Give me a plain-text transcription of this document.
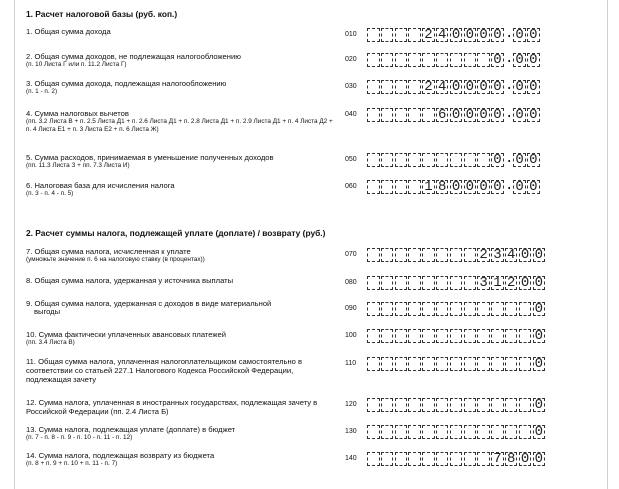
1. Расчет налоговой базы (руб. коп.)
2. Расчет суммы налога, подлежащей уплате (доплате) / возврату (руб.)
1. Общая сумма дохода	010	2 4 0 0 0 0 . 0 0
2. Общая сумма доходов, не подлежащая налогообложению
(п. 10 Листа Г или п. 11.2 Листа Г)
020	0 . 0 0
3. Общая сумма дохода, подлежащая налогообложению
(п. 1 - п. 2)
030	2 4 0 0 0 0 . 0 0
4. Сумма налоговых вычетов
(пп. 3.2 Листа В + п. 2.5 Листа Д1 + п. 2.6 Листа Д1 + п. 2.8 Листа Д1 + п. 2.9 Листа Д1 + п. 4 Листа Д2 + п. 4 Листа Е1 + п. 3 Листа Е2 + п. 6 Листа Ж)
040	6 0 0 0 0 . 0 0
5. Сумма расходов, принимаемая в уменьшение полученных доходов
(пп. 11.3 Листа З + пп. 7.3 Листа И)
050	0 . 0 0
6. Налоговая база для исчисления налога
(п. 3 - п. 4 - п. 5)
060	1 8 0 0 0 0 . 0 0
7. Общая сумма налога, исчисленная к уплате
(умножьте значение п. 6 на налоговую ставку (в процентах))
070	2 3 4 0 0
8. Общая сумма налога, удержанная у источника выплаты	080	3 1 2 0 0
9. Общая сумма налога, удержанная с доходов в виде материальной
выгоды	090	0
10. Сумма фактически уплаченных авансовых платежей
(пп. 3.4 Листа В)
100	0
11. Общая сумма налога, уплаченная налогоплательщиком самостоятельно в соответствии со статьей 227.1 Налогового Кодекса Российской Федерации, подлежащая зачету
110	0
12. Сумма налога, уплаченная в иностранных государствах, подлежащая зачету в Российской Федерации (пп. 2.4 Листа Б)
120	0
13. Сумма налога, подлежащая уплате (доплате) в бюджет
(п. 7 - п. 8 - п. 9 - п. 10 - п. 11 - п. 12)
130	0
14. Сумма налога, подлежащая возврату из бюджета
(п. 8 + п. 9 + п. 10 + п. 11 - п. 7)
140	7 8 0 0
